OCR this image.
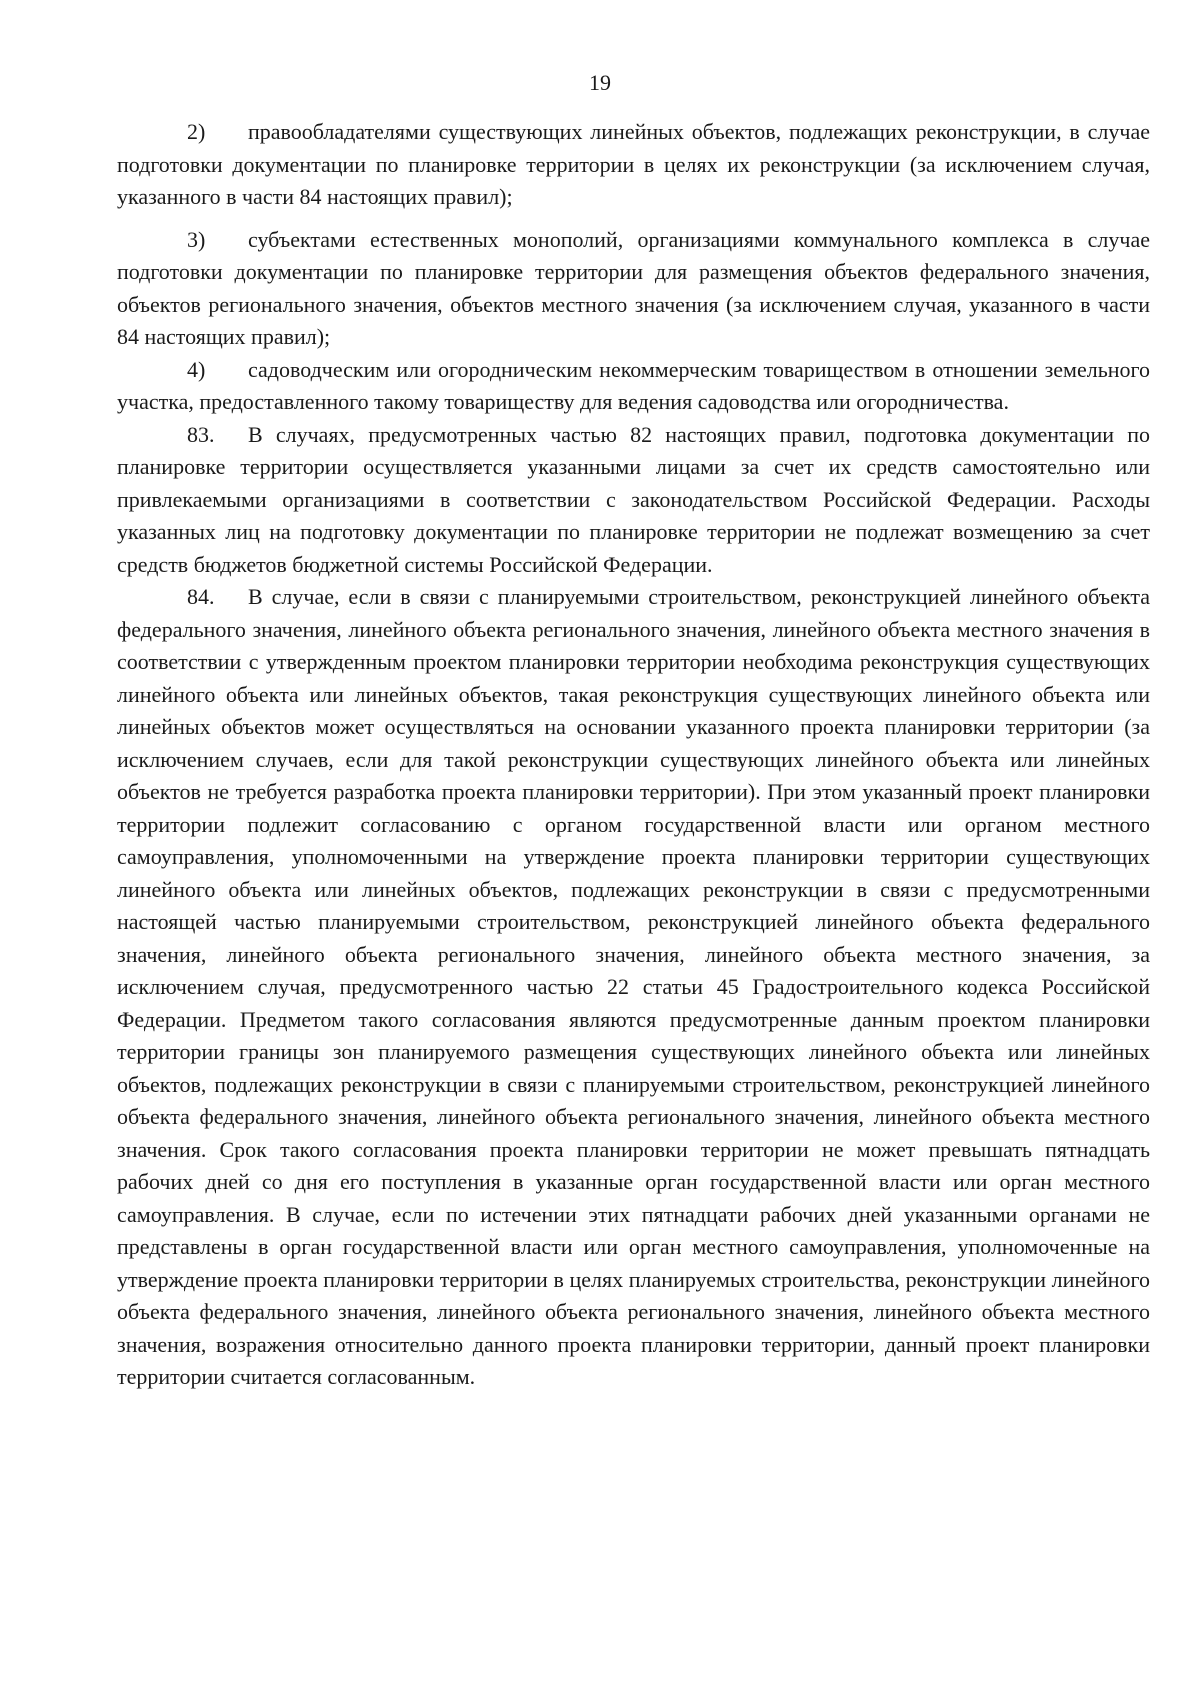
19

2) правообладателями существующих линейных объектов, подлежащих реконструкции, в случае подготовки документации по планировке территории в целях их реконструкции (за исключением случая, указанного в части 84 настоящих правил);

3) субъектами естественных монополий, организациями коммунального комплекса в случае подготовки документации по планировке территории для размещения объектов федерального значения, объектов регионального значения, объектов местного значения (за исключением случая, указанного в части 84 настоящих правил);

4) садоводческим или огородническим некоммерческим товариществом в отношении земельного участка, предоставленного такому товариществу для ведения садоводства или огородничества.

83. В случаях, предусмотренных частью 82 настоящих правил, подготовка документации по планировке территории осуществляется указанными лицами за счет их средств самостоятельно или привлекаемыми организациями в соответствии с законодательством Российской Федерации. Расходы указанных лиц на подготовку документации по планировке территории не подлежат возмещению за счет средств бюджетов бюджетной системы Российской Федерации.

84. В случае, если в связи с планируемыми строительством, реконструкцией линейного объекта федерального значения, линейного объекта регионального значения, линейного объекта местного значения в соответствии с утвержденным проектом планировки территории необходима реконструкция существующих линейного объекта или линейных объектов, такая реконструкция существующих линейного объекта или линейных объектов может осуществляться на основании указанного проекта планировки территории (за исключением случаев, если для такой реконструкции существующих линейного объекта или линейных объектов не требуется разработка проекта планировки территории). При этом указанный проект планировки территории подлежит согласованию с органом государственной власти или органом местного самоуправления, уполномоченными на утверждение проекта планировки территории существующих линейного объекта или линейных объектов, подлежащих реконструкции в связи с предусмотренными настоящей частью планируемыми строительством, реконструкцией линейного объекта федерального значения, линейного объекта регионального значения, линейного объекта местного значения, за исключением случая, предусмотренного частью 22 статьи 45 Градостроительного кодекса Российской Федерации. Предметом такого согласования являются предусмотренные данным проектом планировки территории границы зон планируемого размещения существующих линейного объекта или линейных объектов, подлежащих реконструкции в связи с планируемыми строительством, реконструкцией линейного объекта федерального значения, линейного объекта регионального значения, линейного объекта местного значения. Срок такого согласования проекта планировки территории не может превышать пятнадцать рабочих дней со дня его поступления в указанные орган государственной власти или орган местного самоуправления. В случае, если по истечении этих пятнадцати рабочих дней указанными органами не представлены в орган государственной власти или орган местного самоуправления, уполномоченные на утверждение проекта планировки территории в целях планируемых строительства, реконструкции линейного объекта федерального значения, линейного объекта регионального значения, линейного объекта местного значения, возражения относительно данного проекта планировки территории, данный проект планировки территории считается согласованным.
